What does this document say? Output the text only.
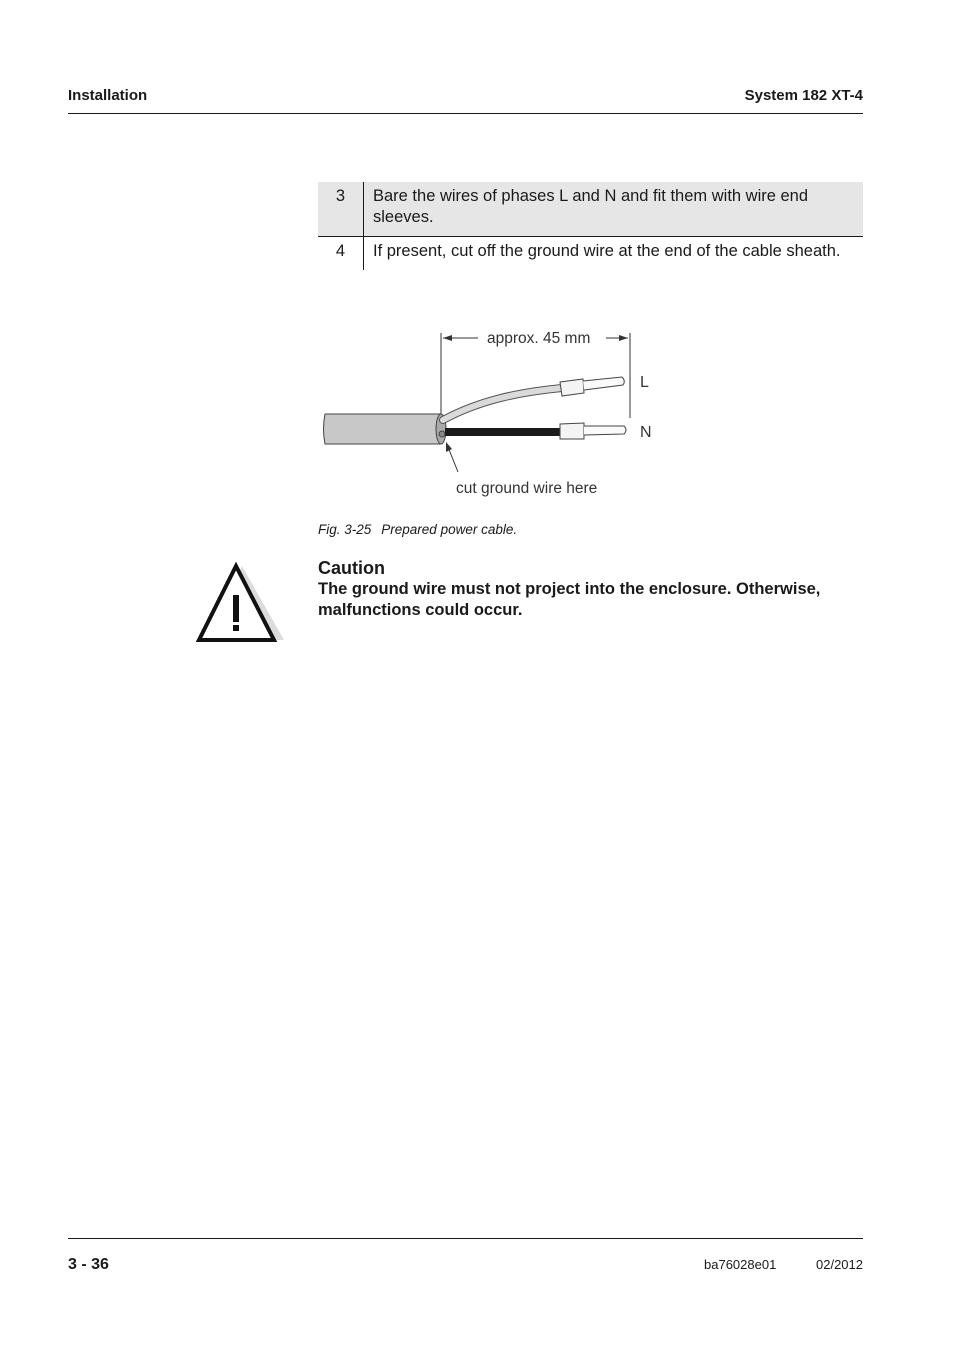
Installation	System 182 XT-4
3	Bare the wires of phases L and N and fit them with wire end sleeves.
4	If present, cut off the ground wire at the end of the cable sheath.
approx. 45 mm
L
N
cut ground wire here
Fig. 3-25 Prepared power cable.
Caution
The ground wire must not project into the enclosure. Otherwise, malfunctions could occur.
3 - 36	ba76028e01	02/2012
